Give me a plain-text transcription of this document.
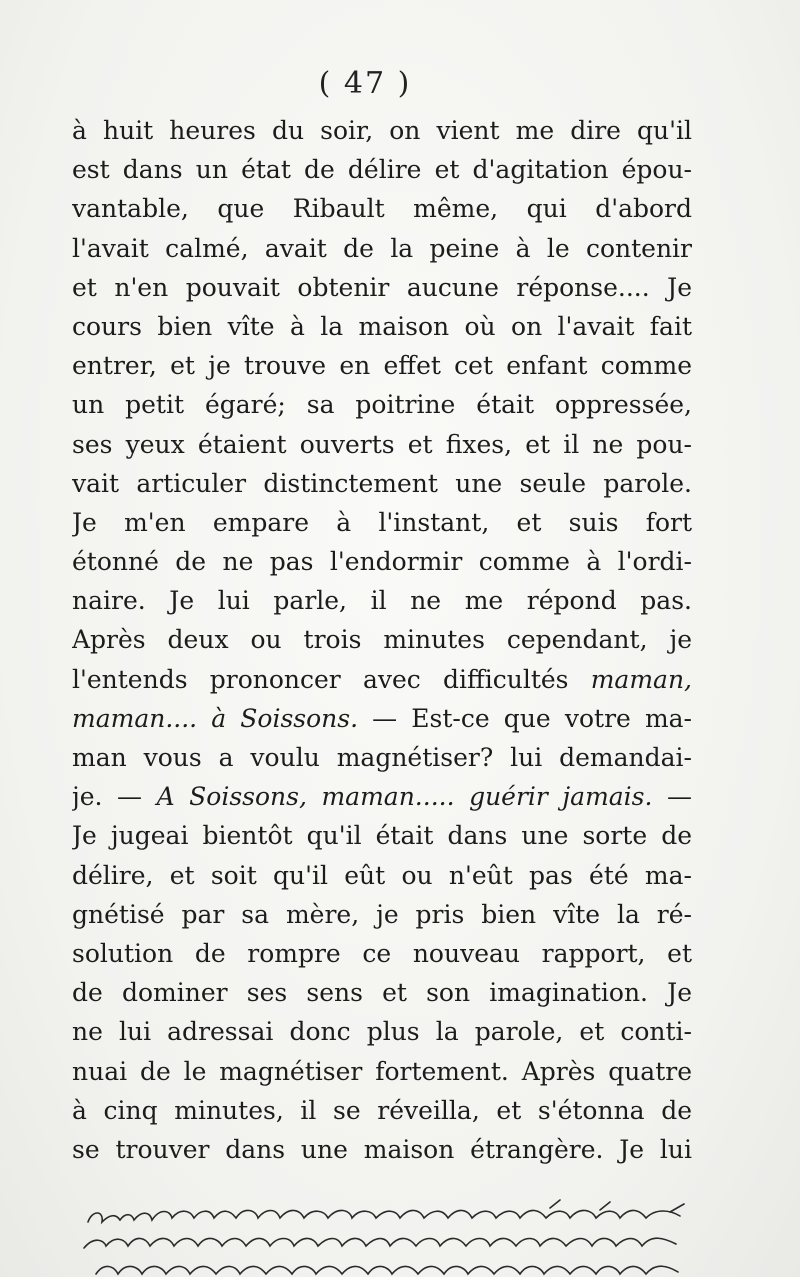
( 47 )
à huit heures du soir, on vient me dire qu'il
est dans un état de délire et d'agitation épou-
vantable, que Ribault même, qui d'abord
l'avait calmé, avait de la peine à le contenir
et n'en pouvait obtenir aucune réponse.... Je
cours bien vîte à la maison où on l'avait fait
entrer, et je trouve en effet cet enfant comme
un petit égaré; sa poitrine était oppressée,
ses yeux étaient ouverts et fixes, et il ne pou-
vait articuler distinctement une seule parole.
Je m'en empare à l'instant, et suis fort
étonné de ne pas l'endormir comme à l'ordi-
naire. Je lui parle, il ne me répond pas.
Après deux ou trois minutes cependant, je
l'entends prononcer avec difficultés maman,
maman.... à Soissons. — Est-ce que votre ma-
man vous a voulu magnétiser? lui demandai-
je. — A Soissons, maman..... guérir jamais. —
Je jugeai bientôt qu'il était dans une sorte de
délire, et soit qu'il eût ou n'eût pas été ma-
gnétisé par sa mère, je pris bien vîte la ré-
solution de rompre ce nouveau rapport, et
de dominer ses sens et son imagination. Je
ne lui adressai donc plus la parole, et conti-
nuai de le magnétiser fortement. Après quatre
à cinq minutes, il se réveilla, et s'étonna de
se trouver dans une maison étrangère. Je lui
